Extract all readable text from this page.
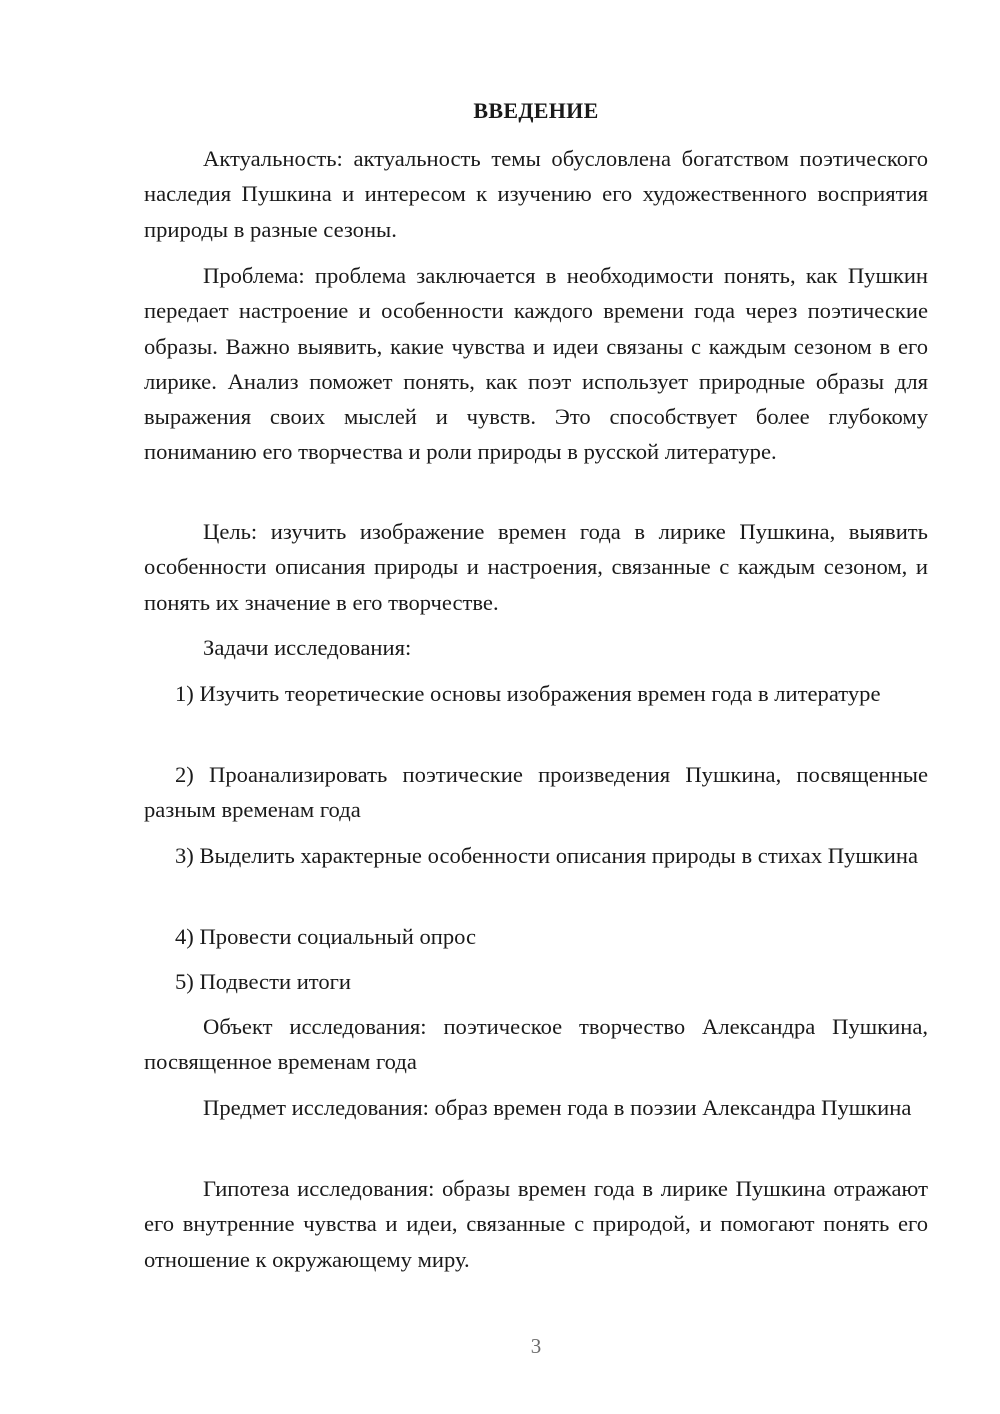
ВВЕДЕНИЕ

Актуальность: актуальность темы обусловлена богатством поэтического наследия Пушкина и интересом к изучению его художественного восприятия природы в разные сезоны.

Проблема: проблема заключается в необходимости понять, как Пушкин передает настроение и особенности каждого времени года через поэтические образы. Важно выявить, какие чувства и идеи связаны с каждым сезоном в его лирике. Анализ поможет понять, как поэт использует природные образы для выражения своих мыслей и чувств. Это способствует более глубокому пониманию его творчества и роли природы в русской литературе.

Цель: изучить изображение времен года в лирике Пушкина, выявить особенности описания природы и настроения, связанные с каждым сезоном, и понять их значение в его творчестве.

Задачи исследования:

1) Изучить теоретические основы изображения времен года в литературе

2) Проанализировать поэтические произведения Пушкина, посвященные разным временам года

3) Выделить характерные особенности описания природы в стихах Пушкина

4) Провести социальный опрос

5) Подвести итоги

Объект исследования: поэтическое творчество Александра Пушкина, посвященное временам года

Предмет исследования: образ времен года в поэзии Александра Пушкина

Гипотеза исследования: образы времен года в лирике Пушкина отражают его внутренние чувства и идеи, связанные с природой, и помогают понять его отношение к окружающему миру.

3
